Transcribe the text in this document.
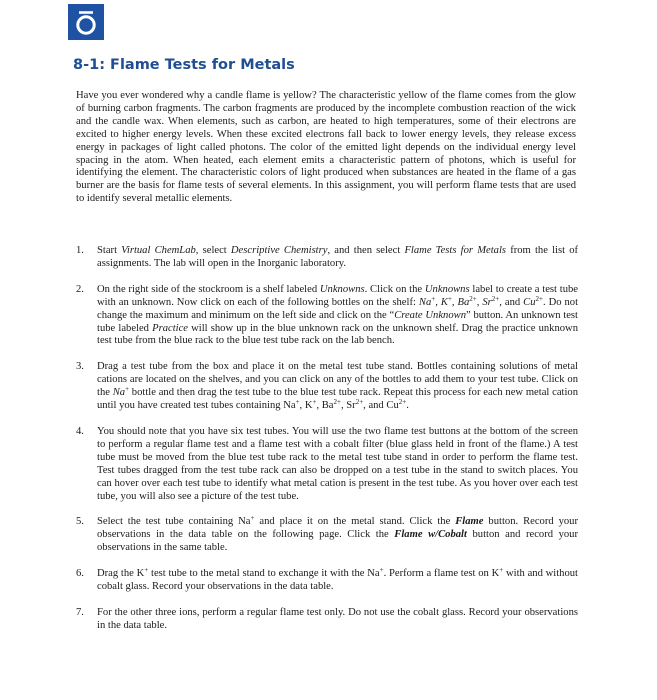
8-1: Flame Tests for Metals

Have you ever wondered why a candle flame is yellow? The characteristic yellow of the flame comes from the glow of burning carbon fragments. The carbon fragments are produced by the incomplete combustion reaction of the wick and the candle wax. When elements, such as carbon, are heated to high temperatures, some of their electrons are excited to higher energy levels. When these excited electrons fall back to lower energy levels, they release excess energy in packages of light called photons. The color of the emitted light depends on the individual energy level spacing in the atom. When heated, each element emits a characteristic pattern of photons, which is useful for identifying the element. The characteristic colors of light produced when substances are heated in the flame of a gas burner are the basis for flame tests of several elements. In this assignment, you will perform flame tests that are used to identify several metallic elements.

1. Start Virtual ChemLab, select Descriptive Chemistry, and then select Flame Tests for Metals from the list of assignments. The lab will open in the Inorganic laboratory.
2. On the right side of the stockroom is a shelf labeled Unknowns. Click on the Unknowns label to create a test tube with an unknown. Now click on each of the following bottles on the shelf: Na+, K+, $Ba^{2+}$, $Sr^{2+}$, and $Cu^{2+}$. Do not change the maximum and minimum on the left side and click on the “Create Unknown” button. An unknown test tube labeled Practice will show up in the blue unknown rack on the unknown shelf. Drag the practice unknown test tube from the blue rack to the blue test tube rack on the lab bench.
3. Drag a test tube from the box and place it on the metal test tube stand. Bottles containing solutions of metal cations are located on the shelves, and you can click on any of the bottles to add them to your test tube. Click on the Na+ bottle and then drag the test tube to the blue test tube rack. Repeat this process for each new metal cation until you have created test tubes containing Na+, K+, $Ba^{2+}$, $Sr^{2+}$, and $Cu^{2+}$.
4. You should note that you have six test tubes. You will use the two flame test buttons at the bottom of the screen to perform a regular flame test and a flame test with a cobalt filter (blue glass held in front of the flame.) A test tube must be moved from the blue test tube rack to the metal test tube stand in order to perform the flame test. Test tubes dragged from the test tube rack can also be dropped on a test tube in the stand to switch places. You can hover over each test tube to identify what metal cation is present in the test tube. As you hover over each test tube, you will also see a picture of the test tube.
5. Select the test tube containing Na+ and place it on the metal stand. Click the Flame button. Record your observations in the data table on the following page. Click the Flame w/Cobalt button and record your observations in the same table.
6. Drag the K+ test tube to the metal stand to exchange it with the Na+. Perform a flame test on K+ with and without cobalt glass. Record your observations in the data table.
7. For the other three ions, perform a regular flame test only. Do not use the cobalt glass. Record your observations in the data table.
